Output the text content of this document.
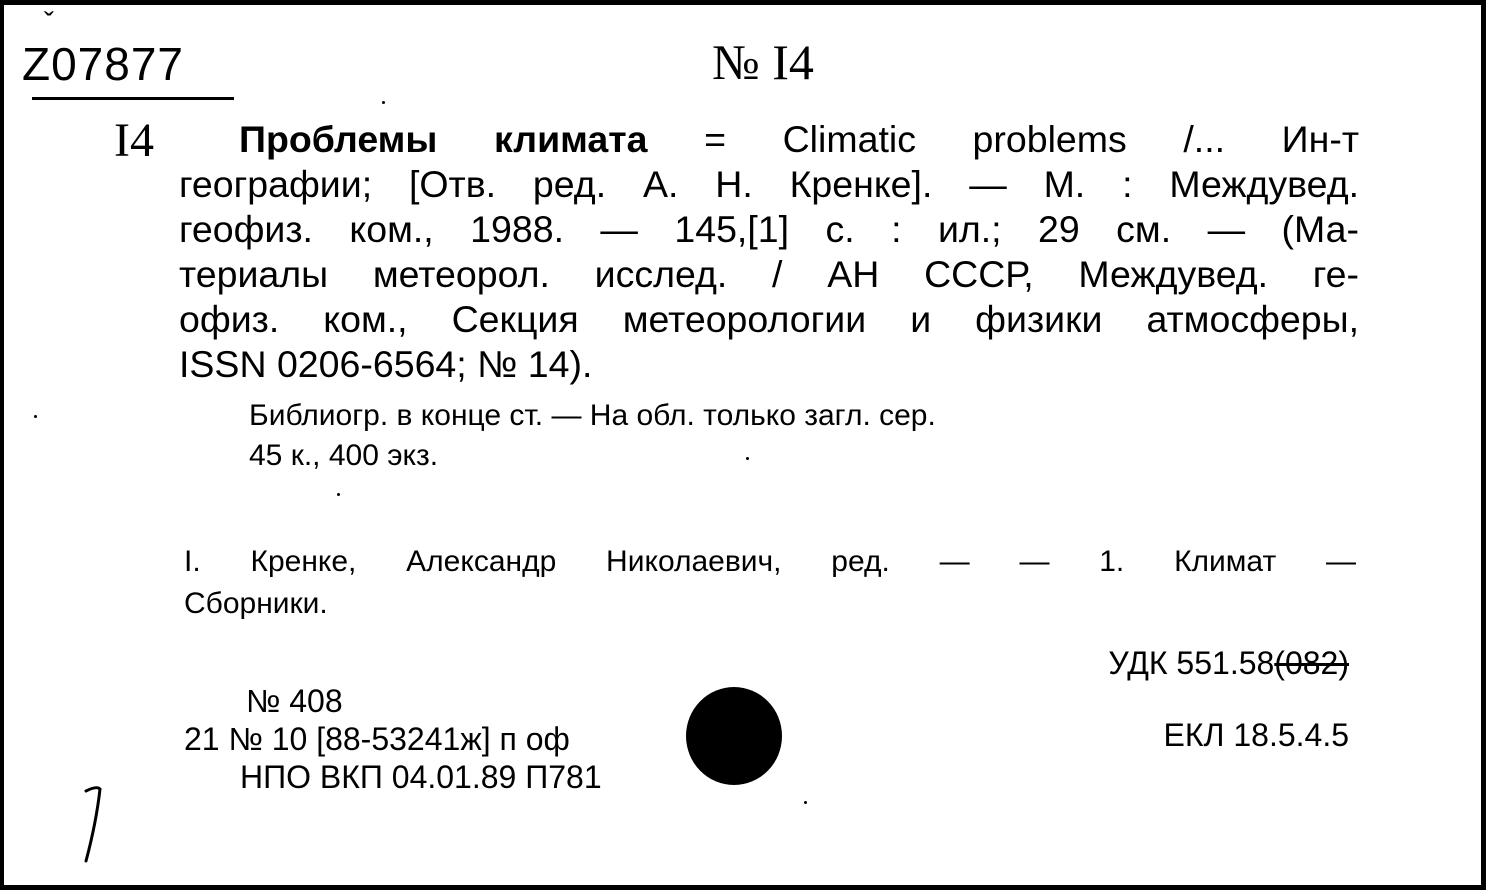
ˇ
Z07877	№ I4
I4	Проблемы климата = Climatic problems /... Ин-т
географии; [Отв. ред. А. Н. Кренке]. — М. : Междувед.
геофиз. ком., 1988. — 145,[1] с. : ил.; 29 см. — (Ма-
териалы метеорол. исслед. / АН СССР, Междувед. ге-
офиз. ком., Секция метеорологии и физики атмосферы,
ISSN 0206-6564; № 14).
Библиогр. в конце ст. — На обл. только загл. сер.
45 к., 400 экз.
I. Кренке, Александр Николаевич, ред. — — 1. Климат —
Сборники.
УДК 551.58(082)
ЕКЛ 18.5.4.5
№ 408
21 № 10 [88-53241ж] п оф
НПО ВКП 04.01.89 П781
